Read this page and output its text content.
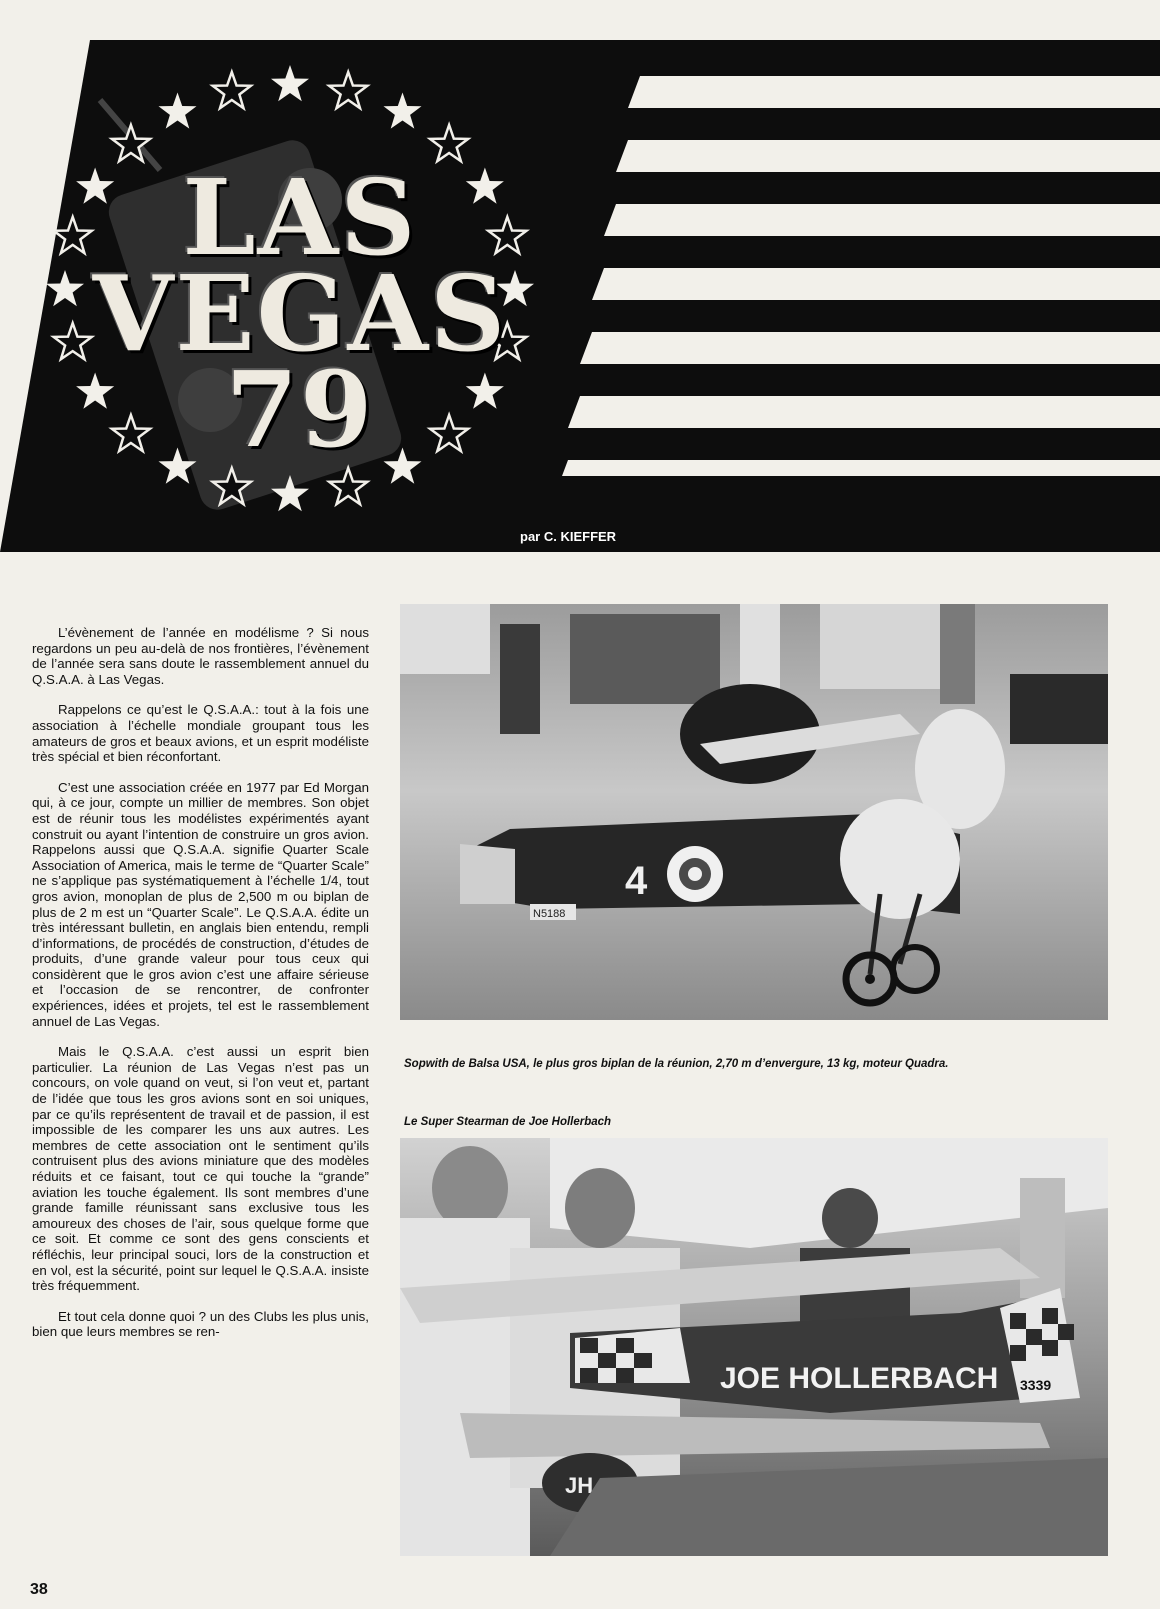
LAS
VEGAS
79
par C. KIEFFER

L’évènement de l’année en modélisme ? Si nous regardons un peu au-delà de nos frontières, l’évènement de l’année sera sans doute le rassemblement annuel du Q.S.A.A. à Las Vegas.

Rappelons ce qu’est le Q.S.A.A.: tout à la fois une association à l’échelle mondiale groupant tous les amateurs de gros et beaux avions, et un esprit modéliste très spécial et bien réconfortant.

C’est une association créée en 1977 par Ed Morgan qui, à ce jour, compte un millier de membres. Son objet est de réunir tous les modélistes expérimentés ayant construit ou ayant l’intention de construire un gros avion. Rappelons aussi que Q.S.A.A. signifie Quarter Scale Association of America, mais le terme de “Quarter Scale” ne s’applique pas systématiquement à l’échelle 1/4, tout gros avion, monoplan de plus de 2,500 m ou biplan de plus de 2 m est un “Quarter Scale”. Le Q.S.A.A. édite un très intéressant bulletin, en anglais bien entendu, rempli d’informations, de procédés de construction, d’études de produits, d’une grande valeur pour tous ceux qui considèrent que le gros avion c’est une affaire sérieuse et l’occasion de se rencontrer, de confronter expériences, idées et projets, tel est le rassemblement annuel de Las Vegas.

Mais le Q.S.A.A. c’est aussi un esprit bien particulier. La réunion de Las Vegas n’est pas un concours, on vole quand on veut, si l’on veut et, partant de l’idée que tous les gros avions sont en soi uniques, par ce qu’ils représentent de travail et de passion, il est impossible de les comparer les uns aux autres. Les membres de cette association ont le sentiment qu’ils contruisent plus des avions miniature que des modèles réduits et ce faisant, tout ce qui touche la “grande” aviation les touche également. Ils sont membres d’une grande famille réunissant sans exclusive tous les amoureux des choses de l’air, sous quelque forme que ce soit. Et comme ce sont des gens conscients et réfléchis, leur principal souci, lors de la construction et en vol, est la sécurité, point sur lequel le Q.S.A.A. insiste très fréquemment.

Et tout cela donne quoi ? un des Clubs les plus unis, bien que leurs membres se ren-

4
N5188
Sopwith de Balsa USA, le plus gros biplan de la réunion, 2,70 m d’envergure, 13 kg, moteur Quadra.
Le Super Stearman de Joe Hollerbach
JOE HOLLERBACH 3339
JH
38
